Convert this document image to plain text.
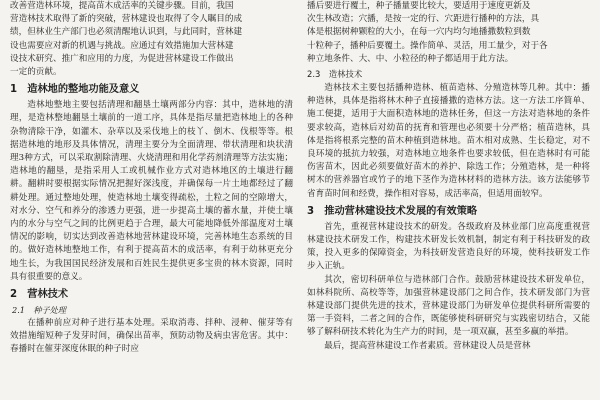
改善营造林环境，提高苗木成活率的关键步骤。目前，我国

营造林技术取得了新的突破，营林建设也取得了令人瞩目的成

绩，但林业生产部门也必须清醒地认识到，与此同时，营林建

设也需要应对新的机遇与挑战。应通过有效措施加大营林建

设技术研究、推广和应用的力度，为促进营林建设工作做出

一定的贡献。

1　造林地的整地功能及意义

造林地整地主要包括清理和翻垦土壤两部分内容：其中，造林地的清理，是造林整地翻垦土壤前的一道工序，具体是指尽量把造林地上的各种杂物清除干净，如灌木、杂草以及采伐地上的枝丫、倒木、伐根等等。根据造林地的地形及具体情况，清理主要分为全面清理、带状清理和块状清理3种方式，可以采取割除清理、火烧清理和用化学药剂清理等方法实施；造林地的翻垦，是指采用人工或机械作业方式对造林地区的土壤进行翻耕。翻耕时要根据实际情况把握好深浅度，并确保每一片土地都经过了翻耕处理。通过整地处理，使造林地土壤变得疏松，土粒之间的空隙增大，对水分、空气和养分的渗透力更强，进一步提高土壤的蓄水量，并使土壤内的水分与空气之间的比例更趋于合理，最大可能地降低外部温度对土壤情况的影响，切实达到改善造林地营林建设环境，完善林地生态系统的目的。做好造林地整地工作，有利于提高苗木的成活率，有利于幼林更充分地生长，为我国国民经济发展和百姓民生提供更多宝贵的林木资源，同时具有很重要的意义。

2　营林技术
2.1　种子处理

在播种前应对种子进行基本处理。采取消毒、拌种、浸种、催芽等有效措施缩短种子发芽时间，确保出苗率，预防动物及病虫害危害。其中：春播时在催芽深度休眠的种子时应

播后要进行覆土，种子播量要比较大，要适用于速度更新及

次生林改造；穴播，是按一定的行、穴距进行播种的方法，具

体是根据树种颗粒的大小，在每一穴内均匀地播撒数粒到数

十粒种子，播种后要覆土。操作简单、灵活，用工量少，对于各

种立地条件、大、中、小粒径的种子都适用于此方法。

2.3　造林技术

造林技术主要包括播种造林、植苗造林、分殖造林等几种。其中：播种造林，具体是指将林木种子直接播撒的造林方法。这一方法工序简单、施工便捷，适用于大面积造林地的造林任务，但这一方法对造林地的条件要求较高，造林后对幼苗的抚育和管理也必须要十分严格；植苗造林，具体是指将根系完整的苗木种植到造林地。苗木相对成熟、生长稳定，对不良环境的抵抗力较强，对造林地立地条件也要求较低，但在造林时有可能伤害苗木，因此必须要做好苗木的养护、除选工作；分殖造林，是一种将树木的营养器官或竹子的地下茎作为造林材料的造林方法。该方法能够节省育苗时间和经费，操作相对容易，成活率高，但适用面较窄。

3　推动营林建设技术发展的有效策略

首先，重视营林建设技术的研发。各级政府及林业部门应高度重视营林建设技术研发工作，构建技术研发长效机制，制定有利于科技研发的政策，投入更多的保障资金，为科技研发营造良好的环境，使科技研发工作步入正轨。

其次，密切科研单位与造林部门合作。鼓励营林建设技术研发单位，如林科院所、高校等等，加强营林建设部门之间合作，技术研发部门为营林建设部门提供先进的技术，营林建设部门为研发单位提供科研所需要的第一手资料，二者之间的合作，既能够使科研研究与实践密切结合，又能够了解科研技术转化为生产力的时间，是一项双赢，甚至多赢的举措。

最后，提高营林建设工作者素质。营林建设人员是营林
